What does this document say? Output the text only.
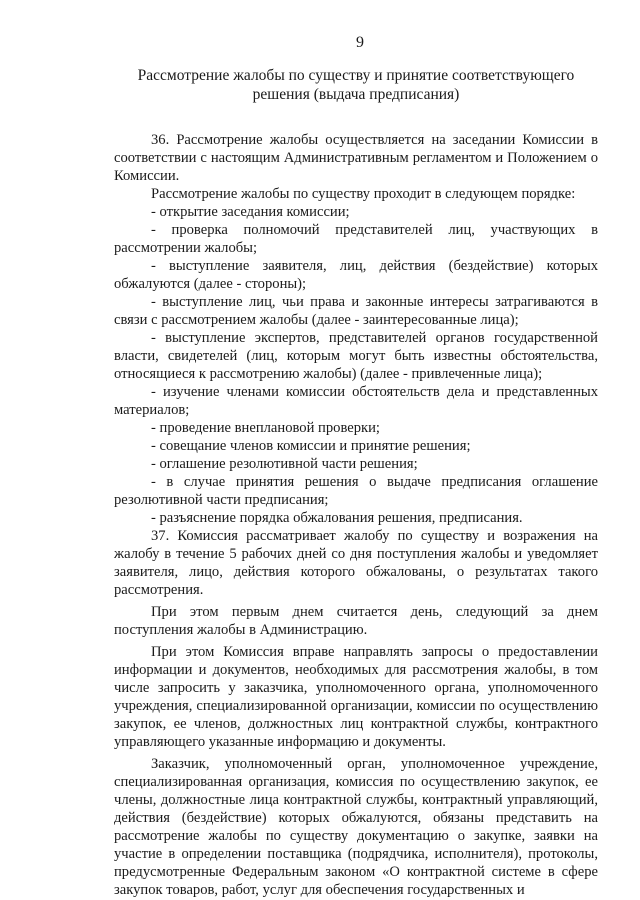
9
Рассмотрение жалобы по существу и принятие соответствующего
решения (выдача предписания)

36. Рассмотрение жалобы осуществляется на заседании Комиссии в соответствии с настоящим Административным регламентом и Положением о Комиссии.

Рассмотрение жалобы по существу проходит в следующем порядке:

- открытие заседания комиссии;

- проверка полномочий представителей лиц, участвующих в рассмотрении жалобы;

- выступление заявителя, лиц, действия (бездействие) которых обжалуются (далее - стороны);

- выступление лиц, чьи права и законные интересы затрагиваются в связи с рассмотрением жалобы (далее - заинтересованные лица);

- выступление экспертов, представителей органов государственной власти, свидетелей (лиц, которым могут быть известны обстоятельства, относящиеся к рассмотрению жалобы) (далее - привлеченные лица);

- изучение членами комиссии обстоятельств дела и представленных материалов;

- проведение внеплановой проверки;

- совещание членов комиссии и принятие решения;

- оглашение резолютивной части решения;

- в случае принятия решения о выдаче предписания оглашение резолютивной части предписания;

- разъяснение порядка обжалования решения, предписания.

37. Комиссия рассматривает жалобу по существу и возражения на жалобу в течение 5 рабочих дней со дня поступления жалобы и уведомляет заявителя, лицо, действия которого обжалованы, о результатах такого рассмотрения.

При этом первым днем считается день, следующий за днем поступления жалобы в Администрацию.

При этом Комиссия вправе направлять запросы о предоставлении информации и документов, необходимых для рассмотрения жалобы, в том числе запросить у заказчика, уполномоченного органа, уполномоченного учреждения, специализированной организации, комиссии по осуществлению закупок, ее членов, должностных лиц контрактной службы, контрактного управляющего указанные информацию и документы.

Заказчик, уполномоченный орган, уполномоченное учреждение, специализированная организация, комиссия по осуществлению закупок, ее члены, должностные лица контрактной службы, контрактный управляющий, действия (бездействие) которых обжалуются, обязаны представить на рассмотрение жалобы по существу документацию о закупке, заявки на участие в определении поставщика (подрядчика, исполнителя), протоколы, предусмотренные Федеральным законом «О контрактной системе в сфере закупок товаров, работ, услуг для обеспечения государственных и
